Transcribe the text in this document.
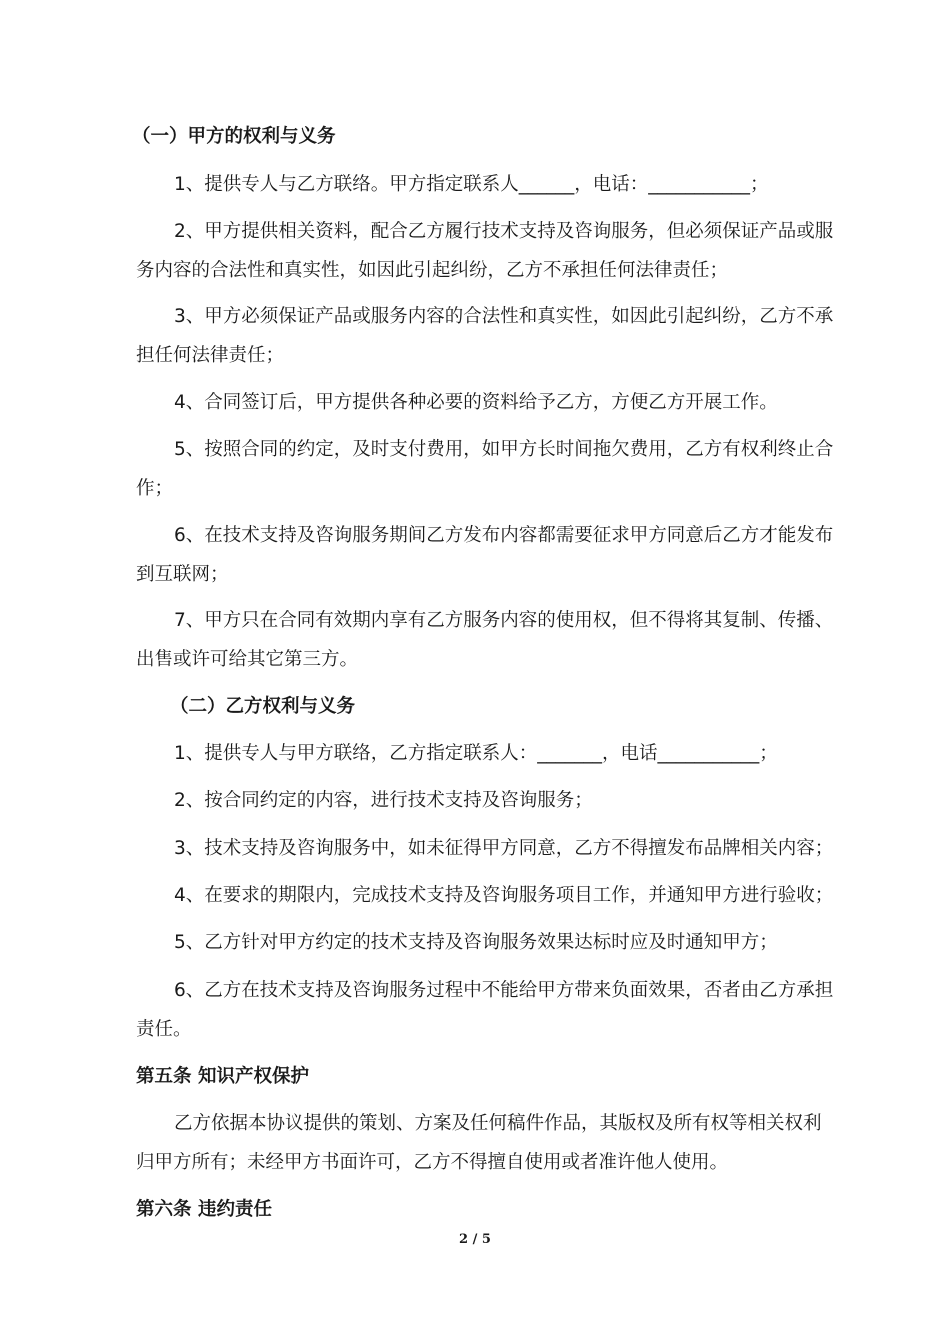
（一）甲方的权利与义务
1、提供专人与乙方联络。甲方指定联系人______，电话：___________；
2、甲方提供相关资料，配合乙方履行技术支持及咨询服务，但必须保证产品或服
务内容的合法性和真实性，如因此引起纠纷，乙方不承担任何法律责任；
3、甲方必须保证产品或服务内容的合法性和真实性，如因此引起纠纷，乙方不承
担任何法律责任；
4、合同签订后，甲方提供各种必要的资料给予乙方，方便乙方开展工作。
5、按照合同的约定，及时支付费用，如甲方长时间拖欠费用，乙方有权利终止合
作；
6、在技术支持及咨询服务期间乙方发布内容都需要征求甲方同意后乙方才能发布
到互联网；
7、甲方只在合同有效期内享有乙方服务内容的使用权，但不得将其复制、传播、
出售或许可给其它第三方。
（二）乙方权利与义务
1、提供专人与甲方联络，乙方指定联系人：_______，电话___________；
2、按合同约定的内容，进行技术支持及咨询服务；
3、技术支持及咨询服务中，如未征得甲方同意，乙方不得擅发布品牌相关内容；
4、在要求的期限内，完成技术支持及咨询服务项目工作，并通知甲方进行验收；
5、乙方针对甲方约定的技术支持及咨询服务效果达标时应及时通知甲方；
6、乙方在技术支持及咨询服务过程中不能给甲方带来负面效果，否者由乙方承担
责任。
第五条 知识产权保护
乙方依据本协议提供的策划、方案及任何稿件作品，其版权及所有权等相关权利
归甲方所有；未经甲方书面许可，乙方不得擅自使用或者准许他人使用。
第六条 违约责任
2 / 5
